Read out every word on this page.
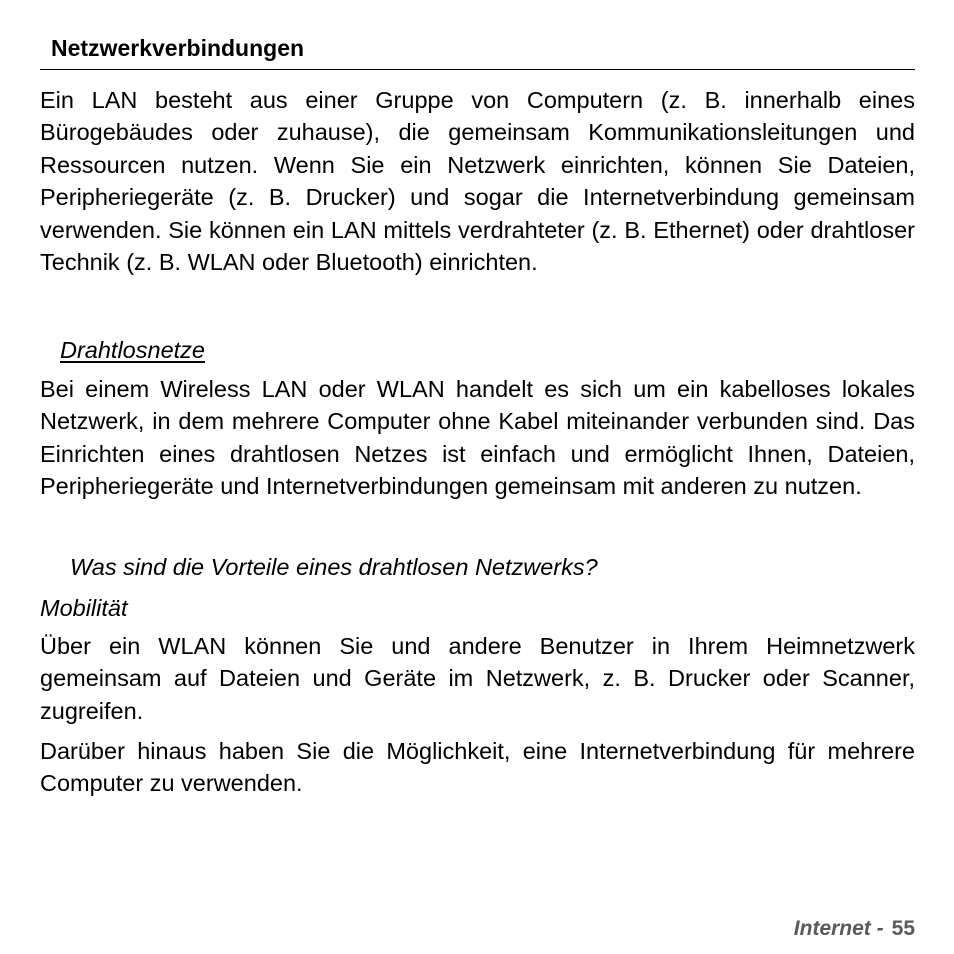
Netzwerkverbindungen

Ein LAN besteht aus einer Gruppe von Computern (z. B. innerhalb eines Bürogebäudes oder zuhause), die gemeinsam Kommunikationsleitungen und Ressourcen nutzen. Wenn Sie ein Netzwerk einrichten, können Sie Dateien, Peripheriegeräte (z. B. Drucker) und sogar die Internetverbindung gemeinsam verwenden. Sie können ein LAN mittels verdrahteter (z. B. Ethernet) oder drahtloser Technik (z. B. WLAN oder Bluetooth) einrichten.

Drahtlosnetze

Bei einem Wireless LAN oder WLAN handelt es sich um ein kabelloses lokales Netzwerk, in dem mehrere Computer ohne Kabel miteinander verbunden sind. Das Einrichten eines drahtlosen Netzes ist einfach und ermöglicht Ihnen, Dateien, Peripheriegeräte und Internetverbindungen gemeinsam mit anderen zu nutzen.

Was sind die Vorteile eines drahtlosen Netzwerks?
Mobilität

Über ein WLAN können Sie und andere Benutzer in Ihrem Heimnetzwerk gemeinsam auf Dateien und Geräte im Netzwerk, z. B. Drucker oder Scanner, zugreifen.

Darüber hinaus haben Sie die Möglichkeit, eine Internetverbindung für mehrere Computer zu verwenden.

Internet - 55
